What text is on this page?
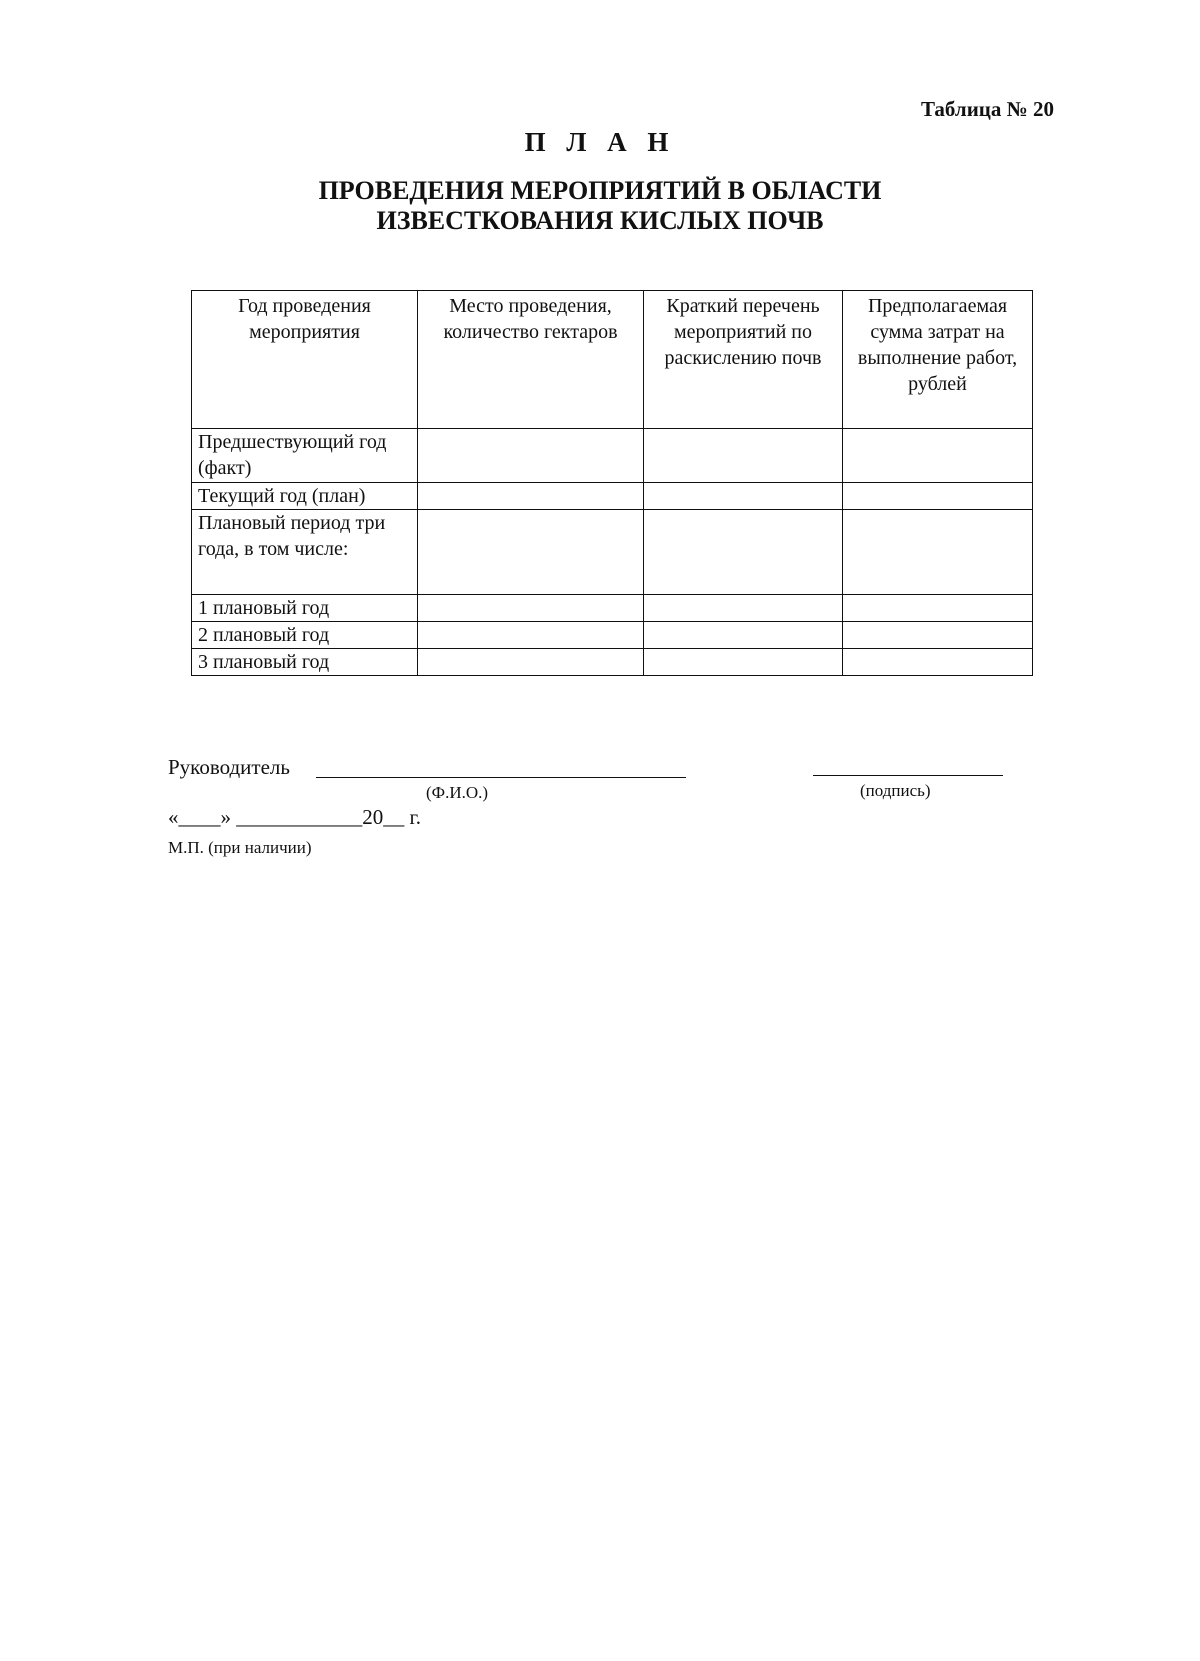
Таблица № 20
П Л А Н
ПРОВЕДЕНИЯ МЕРОПРИЯТИЙ В ОБЛАСТИ
ИЗВЕСТКОВАНИЯ КИСЛЫХ ПОЧВ
Год проведения мероприятия	Место проведения, количество гектаров	Краткий перечень мероприятий по раскислению почв	Предполагаемая сумма затрат на выполнение работ, рублей
Предшествующий год (факт)			
Текущий год (план)			
Плановый период три года, в том числе:			
1 плановый год			
2 плановый год			
3 плановый год			
Руководитель
(Ф.И.О.)	(подпись)
«____» ____________20__ г.
М.П. (при наличии)
